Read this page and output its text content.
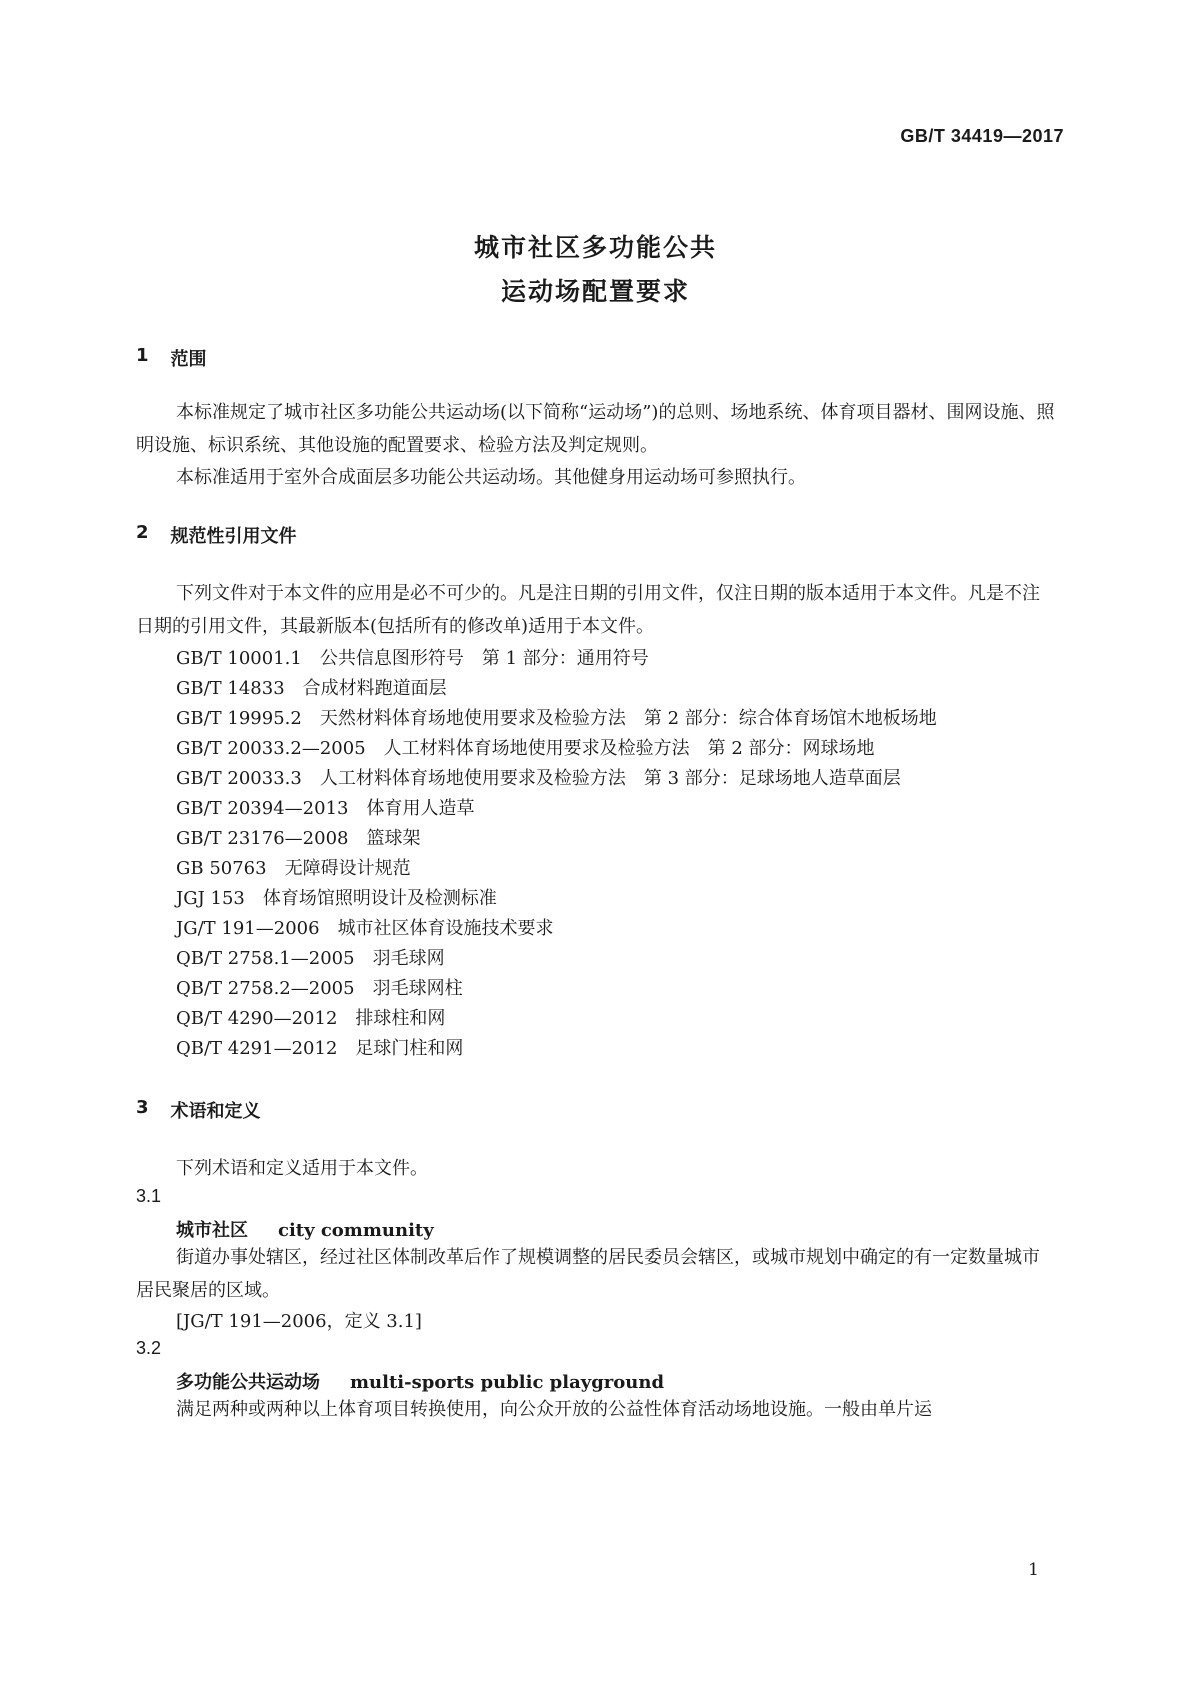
GB/T 34419—2017
城市社区多功能公共
运动场配置要求
1 范围
本标准规定了城市社区多功能公共运动场(以下简称“运动场”)的总则、场地系统、体育项目器材、围网设施、照明设施、标识系统、其他设施的配置要求、检验方法及判定规则。
本标准适用于室外合成面层多功能公共运动场。其他健身用运动场可参照执行。
2 规范性引用文件
下列文件对于本文件的应用是必不可少的。凡是注日期的引用文件，仅注日期的版本适用于本文件。凡是不注日期的引用文件，其最新版本(包括所有的修改单)适用于本文件。
GB/T 10001.1 公共信息图形符号　第 1 部分：通用符号
GB/T 14833 合成材料跑道面层
GB/T 19995.2 天然材料体育场地使用要求及检验方法　第 2 部分：综合体育场馆木地板场地
GB/T 20033.2—2005 人工材料体育场地使用要求及检验方法　第 2 部分：网球场地
GB/T 20033.3 人工材料体育场地使用要求及检验方法　第 3 部分：足球场地人造草面层
GB/T 20394—2013 体育用人造草
GB/T 23176—2008 篮球架
GB 50763 无障碍设计规范
JGJ 153 体育场馆照明设计及检测标准
JG/T 191—2006 城市社区体育设施技术要求
QB/T 2758.1—2005 羽毛球网
QB/T 2758.2—2005 羽毛球网柱
QB/T 4290—2012 排球柱和网
QB/T 4291—2012 足球门柱和网
3 术语和定义
下列术语和定义适用于本文件。
3.1
城市社区 city community
街道办事处辖区，经过社区体制改革后作了规模调整的居民委员会辖区，或城市规划中确定的有一定数量城市居民聚居的区域。
[JG/T 191—2006，定义 3.1]
3.2
多功能公共运动场 multi-sports public playground
满足两种或两种以上体育项目转换使用，向公众开放的公益性体育活动场地设施。一般由单片运
1
